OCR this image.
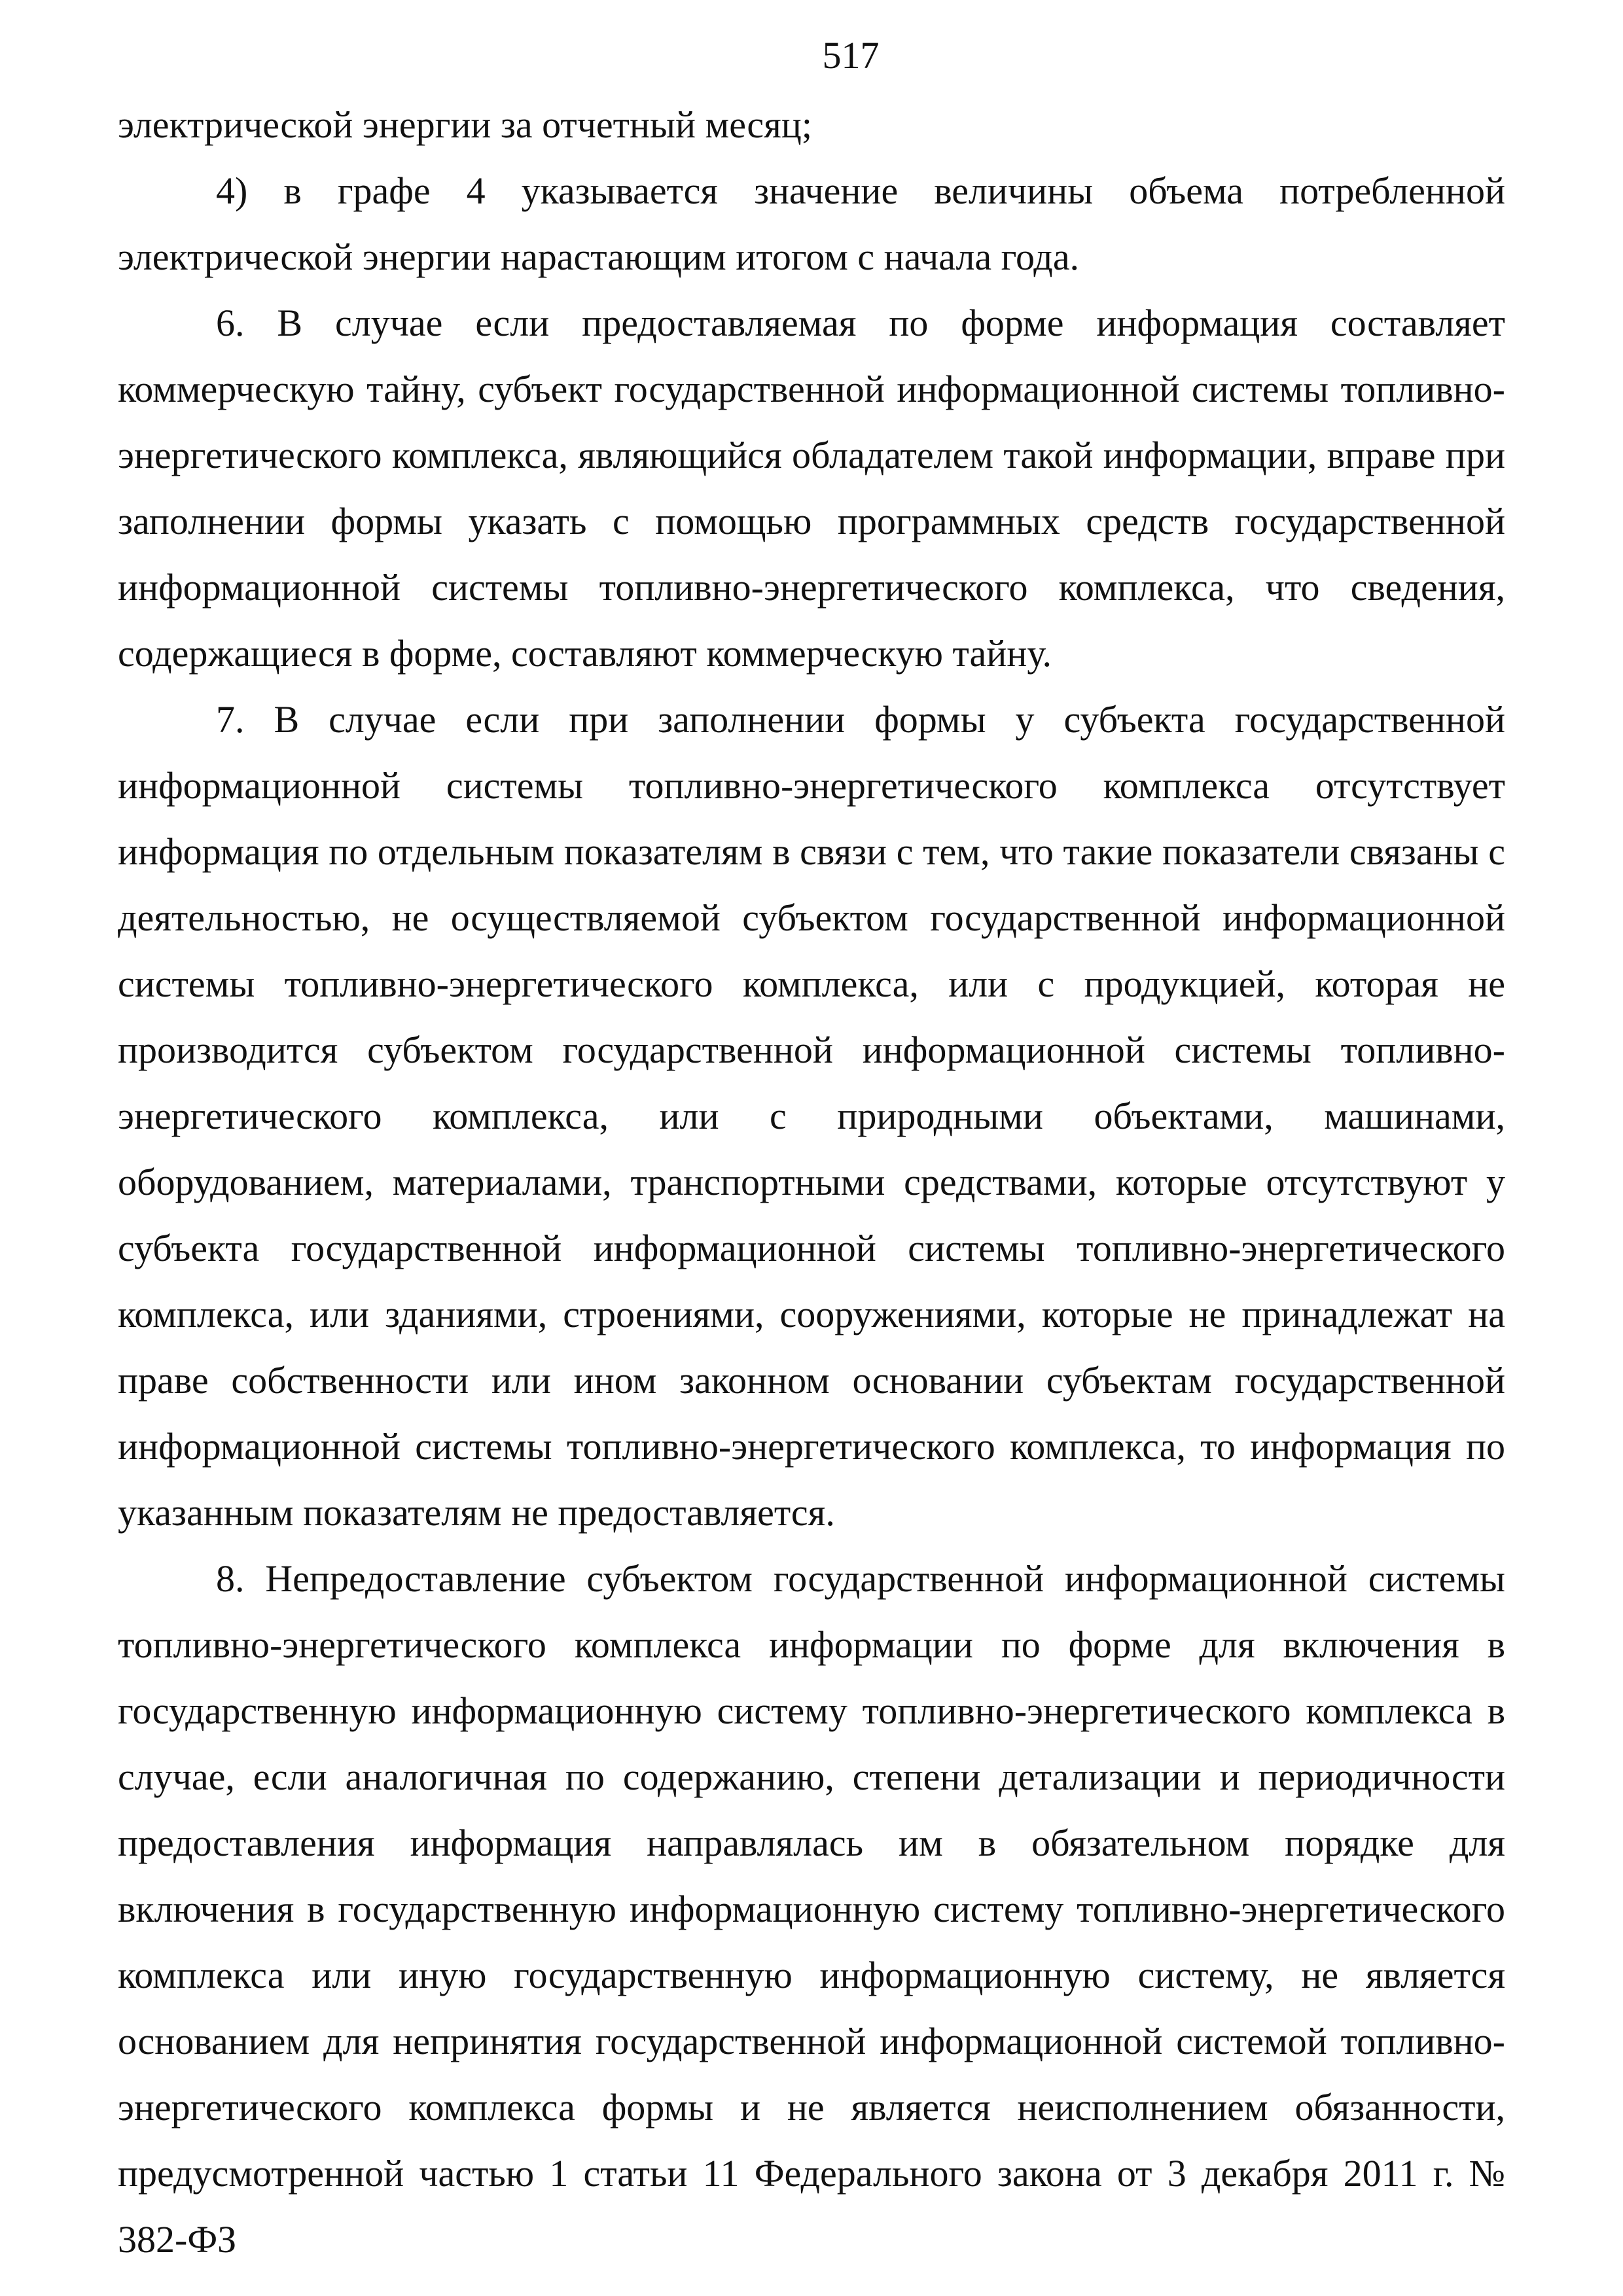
517

электрической энергии за отчетный месяц;

4) в графе 4 указывается значение величины объема потребленной электрической энергии нарастающим итогом с начала года.

6. В случае если предоставляемая по форме информация составляет коммерческую тайну, субъект государственной информационной системы топливно-энергетического комплекса, являющийся обладателем такой информации, вправе при заполнении формы указать с помощью программных средств государственной информационной системы топливно-энергетического комплекса, что сведения, содержащиеся в форме, составляют коммерческую тайну.

7. В случае если при заполнении формы у субъекта государственной информационной системы топливно-энергетического комплекса отсутствует информация по отдельным показателям в связи с тем, что такие показатели связаны с деятельностью, не осуществляемой субъектом государственной информационной системы топливно-энергетического комплекса, или с продукцией, которая не производится субъектом государственной информационной системы топливно-энергетического комплекса, или с природными объектами, машинами, оборудованием, материалами, транспортными средствами, которые отсутствуют у субъекта государственной информационной системы топливно-энергетического комплекса, или зданиями, строениями, сооружениями, которые не принадлежат на праве собственности или ином законном основании субъектам государственной информационной системы топливно-энергетического комплекса, то информация по указанным показателям не предоставляется.

8. Непредоставление субъектом государственной информационной системы топливно-энергетического комплекса информации по форме для включения в государственную информационную систему топливно-энергетического комплекса в случае, если аналогичная по содержанию, степени детализации и периодичности предоставления информация направлялась им в обязательном порядке для включения в государственную информационную систему топливно-энергетического комплекса или иную государственную информационную систему, не является основанием для непринятия государственной информационной системой топливно-энергетического комплекса формы и не является неисполнением обязанности, предусмотренной частью 1 статьи 11 Федерального закона от 3 декабря 2011 г. № 382-ФЗ
